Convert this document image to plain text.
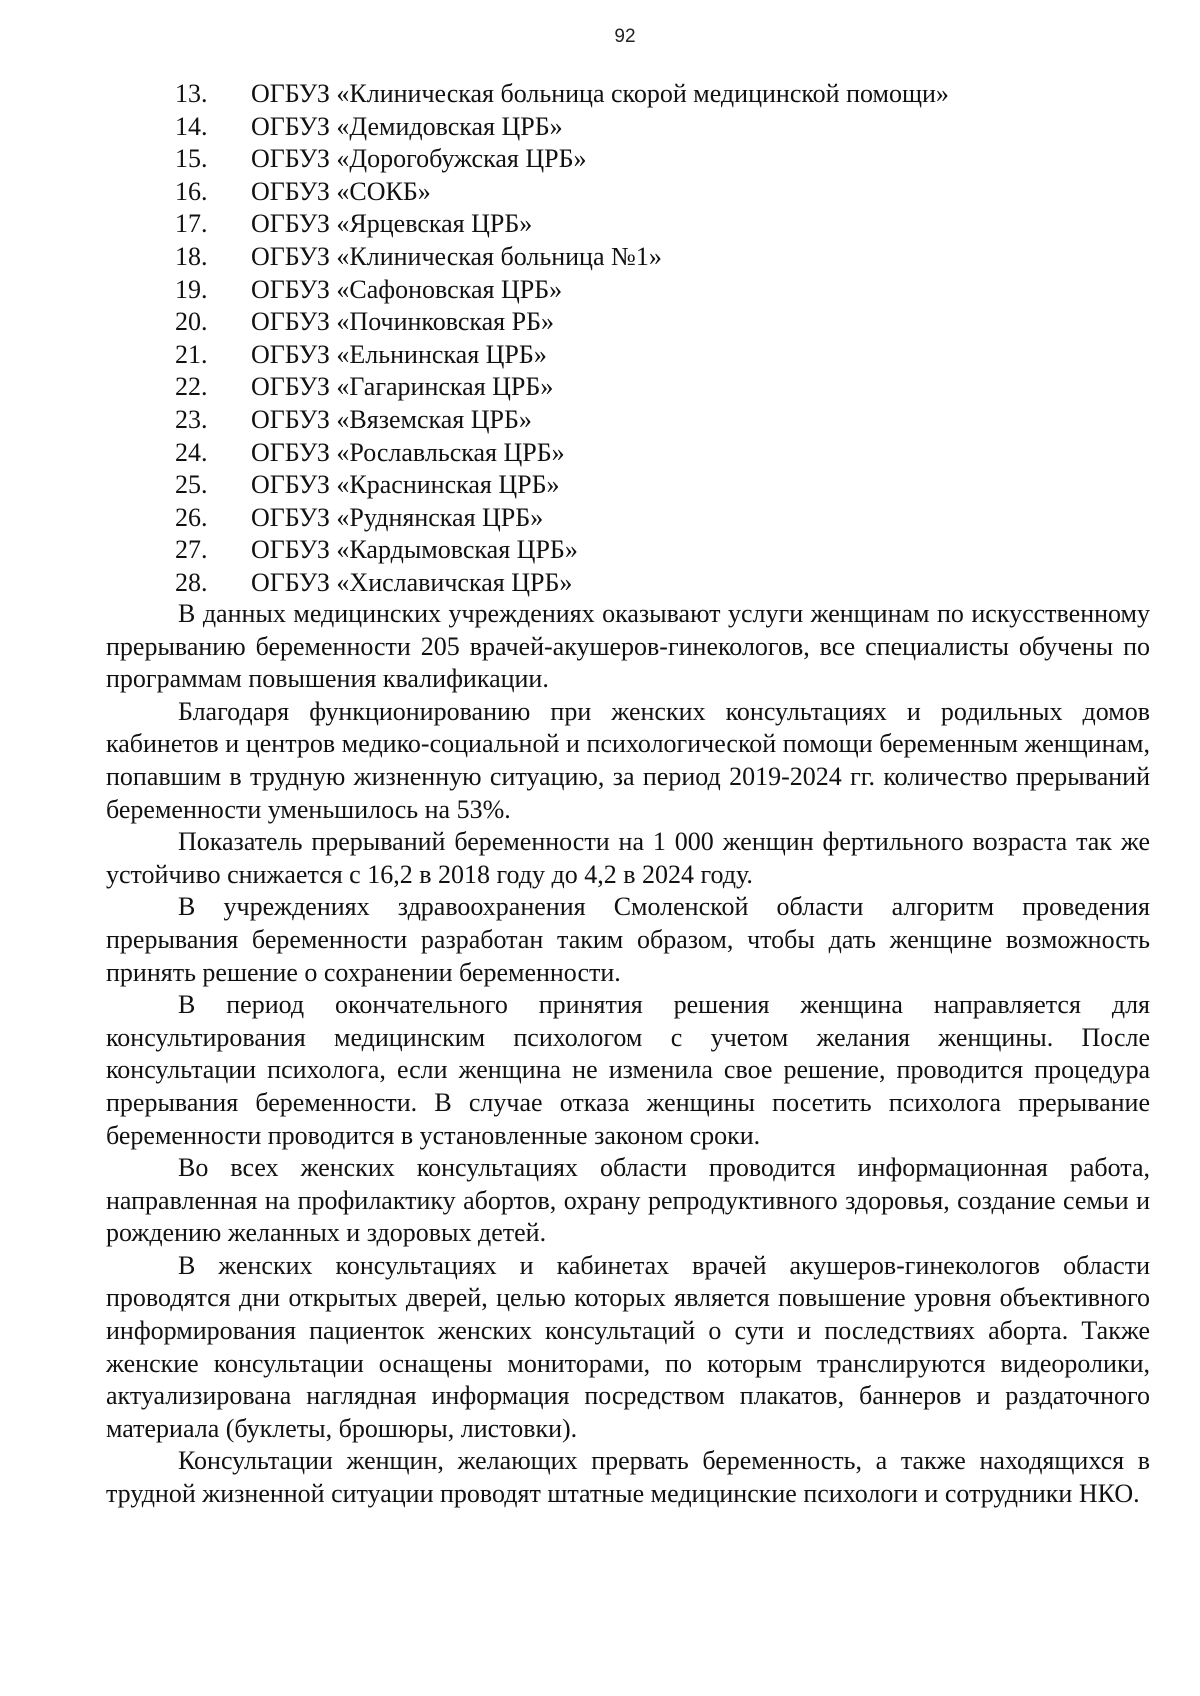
92
13. ОГБУЗ «Клиническая больница скорой медицинской помощи»
14. ОГБУЗ «Демидовская ЦРБ»
15. ОГБУЗ «Дорогобужская ЦРБ»
16. ОГБУЗ «СОКБ»
17. ОГБУЗ «Ярцевская ЦРБ»
18. ОГБУЗ «Клиническая больница №1»
19. ОГБУЗ «Сафоновская ЦРБ»
20. ОГБУЗ «Починковская РБ»
21. ОГБУЗ «Ельнинская ЦРБ»
22. ОГБУЗ «Гагаринская ЦРБ»
23. ОГБУЗ «Вяземская ЦРБ»
24. ОГБУЗ «Рославльская ЦРБ»
25. ОГБУЗ «Краснинская ЦРБ»
26. ОГБУЗ «Руднянская ЦРБ»
27. ОГБУЗ «Кардымовская ЦРБ»
28. ОГБУЗ «Хиславичская ЦРБ»

В данных медицинских учреждениях оказывают услуги женщинам по искусственному прерыванию беременности 205 врачей-акушеров-гинекологов, все специалисты обучены по программам повышения квалификации.

Благодаря функционированию при женских консультациях и родильных домов кабинетов и центров медико-социальной и психологической помощи беременным женщинам, попавшим в трудную жизненную ситуацию, за период 2019-2024 гг. количество прерываний беременности уменьшилось на 53%.

Показатель прерываний беременности на 1 000 женщин фертильного возраста так же устойчиво снижается с 16,2 в 2018 году до 4,2 в 2024 году.

В учреждениях здравоохранения Смоленской области алгоритм проведения прерывания беременности разработан таким образом, чтобы дать женщине возможность принять решение о сохранении беременности.

В период окончательного принятия решения женщина направляется для консультирования медицинским психологом с учетом желания женщины. После консультации психолога, если женщина не изменила свое решение, проводится процедура прерывания беременности. В случае отказа женщины посетить психолога прерывание беременности проводится в установленные законом сроки.

Во всех женских консультациях области проводится информационная работа, направленная на профилактику абортов, охрану репродуктивного здоровья, создание семьи и рождению желанных и здоровых детей.

В женских консультациях и кабинетах врачей акушеров-гинекологов области проводятся дни открытых дверей, целью которых является повышение уровня объективного информирования пациенток женских консультаций о сути и последствиях аборта. Также женские консультации оснащены мониторами, по которым транслируются видеоролики, актуализирована наглядная информация посредством плакатов, баннеров и раздаточного материала (буклеты, брошюры, листовки).

Консультации женщин, желающих прервать беременность, а также находящихся в трудной жизненной ситуации проводят штатные медицинские психологи и сотрудники НКО.
